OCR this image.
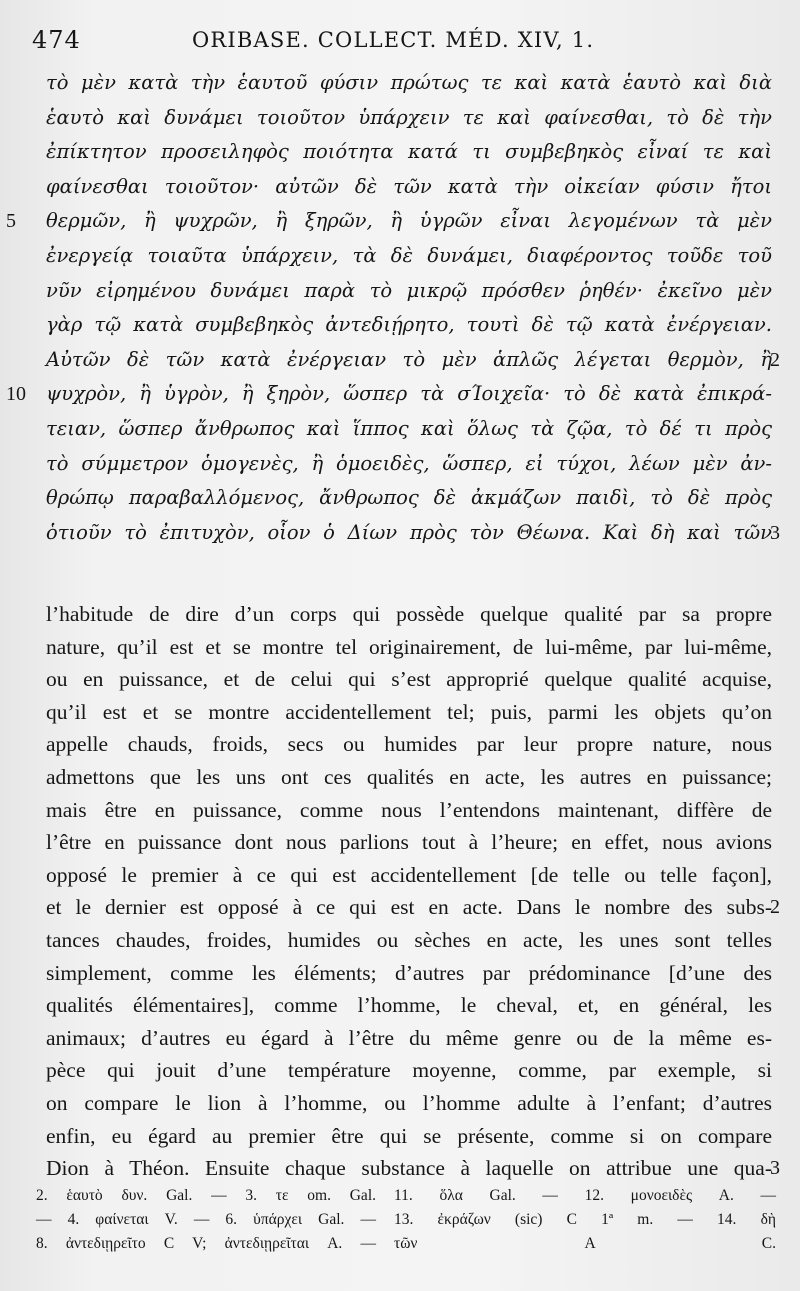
474	ORIBASE. COLLECT. MÉD. XIV, 1.
τὸ μὲν κατὰ τὴν ἑαυτοῦ φύσιν πρώτως τε καὶ κατὰ ἑαυτὸ καὶ διὰ
ἑαυτὸ καὶ δυνάμει τοιοῦτον ὑπάρχειν τε καὶ φαίνεσθαι, τὸ δὲ τὴν
ἐπίκτητον προσειληφὸς ποιότητα κατά τι συμβεβηκὸς εἶναί τε καὶ
φαίνεσθαι τοιοῦτον· αὐτῶν δὲ τῶν κατὰ τὴν οἰκείαν φύσιν ἤτοι
θερμῶν, ἢ ψυχρῶν, ἢ ξηρῶν, ἢ ὑγρῶν εἶναι λεγομένων τὰ μὲν
5
ἐνεργείᾳ τοιαῦτα ὑπάρχειν, τὰ δὲ δυνάμει, διαφέροντος τοῦδε τοῦ
νῦν εἰρημένου δυνάμει παρὰ τὸ μικρῷ πρόσθεν ῥηθέν· ἐκεῖνο μὲν
γὰρ τῷ κατὰ συμβεβηκὸς ἀντεδιῄρητο, τουτὶ δὲ τῷ κατὰ ἐνέργειαν.
Αὐτῶν δὲ τῶν κατὰ ἐνέργειαν τὸ μὲν ἁπλῶς λέγεται θερμὸν, ἢ
2
ψυχρὸν, ἢ ὑγρὸν, ἢ ξηρὸν, ὥσπερ τὰ σΊοιχεῖα· τὸ δὲ κατὰ ἐπικρά-
10
τειαν, ὥσπερ ἄνθρωπος καὶ ἵππος καὶ ὅλως τὰ ζῷα, τὸ δέ τι πρὸς
τὸ σύμμετρον ὁμογενὲς, ἢ ὁμοειδὲς, ὥσπερ, εἰ τύχοι, λέων μὲν ἀν-
θρώπῳ παραβαλλόμενος, ἄνθρωπος δὲ ἀκμάζων παιδὶ, τὸ δὲ πρὸς
ὁτιοῦν τὸ ἐπιτυχὸν, οἷον ὁ Δίων πρὸς τὸν Θέωνα. Καὶ δὴ καὶ τῶν
3
l’habitude de dire d’un corps qui possède quelque qualité par sa propre
nature, qu’il est et se montre tel originairement, de lui-même, par lui-même,
ou en puissance, et de celui qui s’est approprié quelque qualité acquise,
qu’il est et se montre accidentellement tel; puis, parmi les objets qu’on
appelle chauds, froids, secs ou humides par leur propre nature, nous
admettons que les uns ont ces qualités en acte, les autres en puissance;
mais être en puissance, comme nous l’entendons maintenant, diffère de
l’être en puissance dont nous parlions tout à l’heure; en effet, nous avions
opposé le premier à ce qui est accidentellement [de telle ou telle façon],
et le dernier est opposé à ce qui est en acte. Dans le nombre des subs-
2
tances chaudes, froides, humides ou sèches en acte, les unes sont telles
simplement, comme les éléments; d’autres par prédominance [d’une des
qualités élémentaires], comme l’homme, le cheval, et, en général, les
animaux; d’autres eu égard à l’être du même genre ou de la même es-
pèce qui jouit d’une température moyenne, comme, par exemple, si
on compare le lion à l’homme, ou l’homme adulte à l’enfant; d’autres
enfin, eu égard au premier être qui se présente, comme si on compare
Dion à Théon. Ensuite chaque substance à laquelle on attribue une qua-
3
2. ἑαυτὸ δυν. Gal. — 3. τε om. Gal. 11. ὅλα Gal. — 12. μονοειδὲς A. —
— 4. φαίνεται V. — 6. ὑπάρχει Gal. — 13. ἐκράζων (sic) C 1ª m. — 14. δὴ
8. ἀντεδιῃρεῖτο C V; ἀντεδιῃρεῖται A. — τῶν A C.
